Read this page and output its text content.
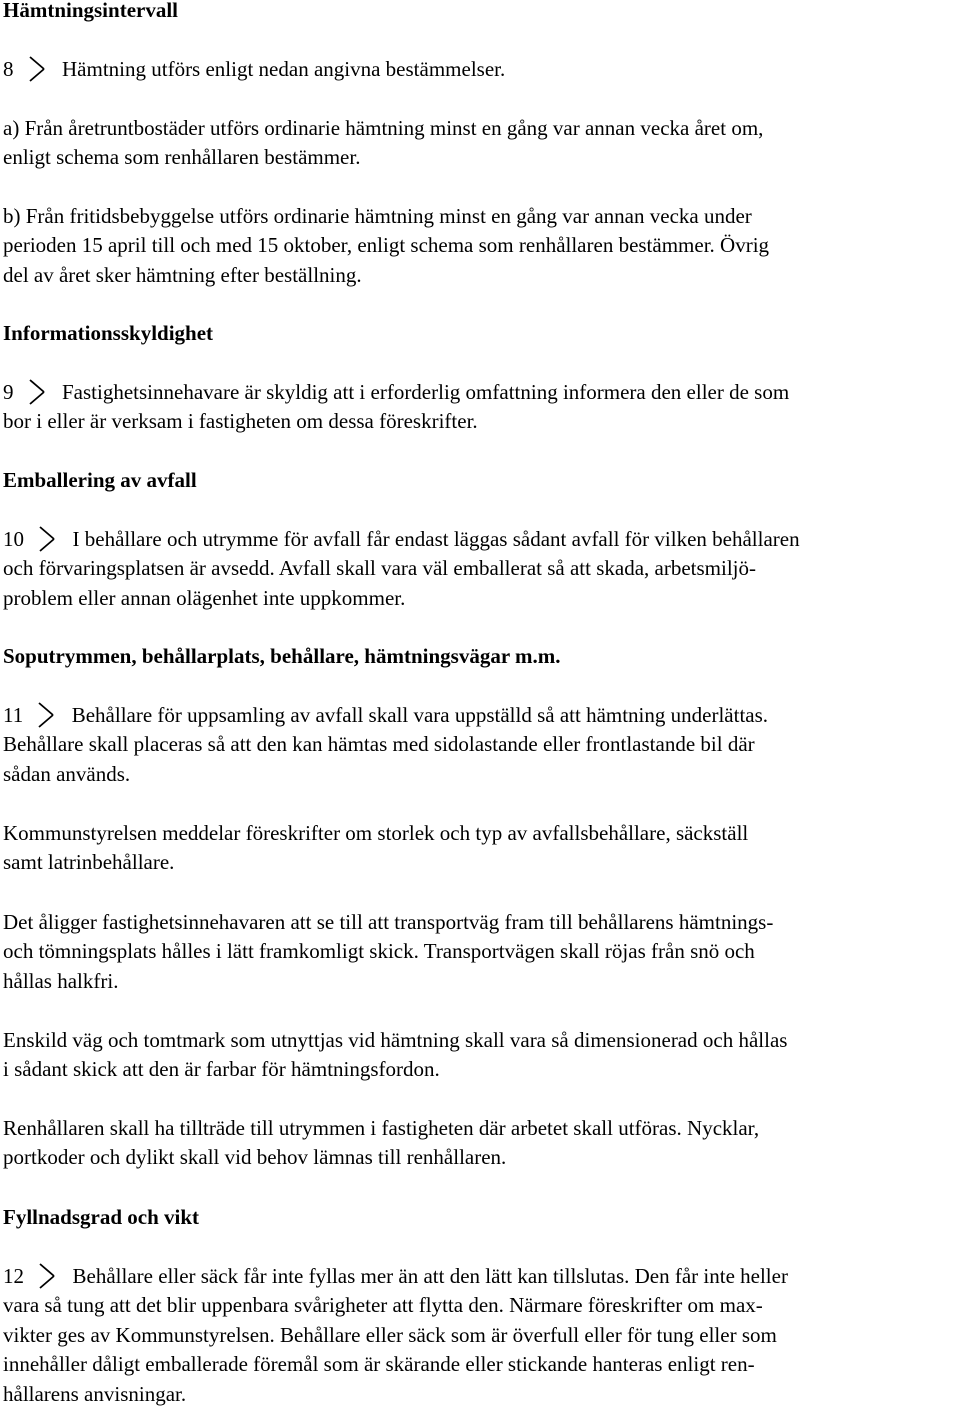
Hämtningsintervall
8 Hämtning utförs enligt nedan angivna bestämmelser.
a) Från åretruntbostäder utförs ordinarie hämtning minst en gång var annan vecka året om,
enligt schema som renhållaren bestämmer.
b) Från fritidsbebyggelse utförs ordinarie hämtning minst en gång var annan vecka under
perioden 15 april till och med 15 oktober, enligt schema som renhållaren bestämmer. Övrig
del av året sker hämtning efter beställning.
Informationsskyldighet
9 Fastighetsinnehavare är skyldig att i erforderlig omfattning informera den eller de som
bor i eller är verksam i fastigheten om dessa föreskrifter.
Emballering av avfall
10 I behållare och utrymme för avfall får endast läggas sådant avfall för vilken behållaren
och förvaringsplatsen är avsedd. Avfall skall vara väl emballerat så att skada, arbetsmiljö-
problem eller annan olägenhet inte uppkommer.
Soputrymmen, behållarplats, behållare, hämtningsvägar m.m.
11 Behållare för uppsamling av avfall skall vara uppställd så att hämtning underlättas.
Behållare skall placeras så att den kan hämtas med sidolastande eller frontlastande bil där
sådan används.
Kommunstyrelsen meddelar föreskrifter om storlek och typ av avfallsbehållare, säckställ
samt latrinbehållare.
Det åligger fastighetsinnehavaren att se till att transportväg fram till behållarens hämtnings-
och tömningsplats hålles i lätt framkomligt skick. Transportvägen skall röjas från snö och
hållas halkfri.
Enskild väg och tomtmark som utnyttjas vid hämtning skall vara så dimensionerad och hållas
i sådant skick att den är farbar för hämtningsfordon.
Renhållaren skall ha tillträde till utrymmen i fastigheten där arbetet skall utföras. Nycklar,
portkoder och dylikt skall vid behov lämnas till renhållaren.
Fyllnadsgrad och vikt
12 Behållare eller säck får inte fyllas mer än att den lätt kan tillslutas. Den får inte heller
vara så tung att det blir uppenbara svårigheter att flytta den. Närmare föreskrifter om max-
vikter ges av Kommunstyrelsen. Behållare eller säck som är överfull eller för tung eller som
innehåller dåligt emballerade föremål som är skärande eller stickande hanteras enligt ren-
hållarens anvisningar.
